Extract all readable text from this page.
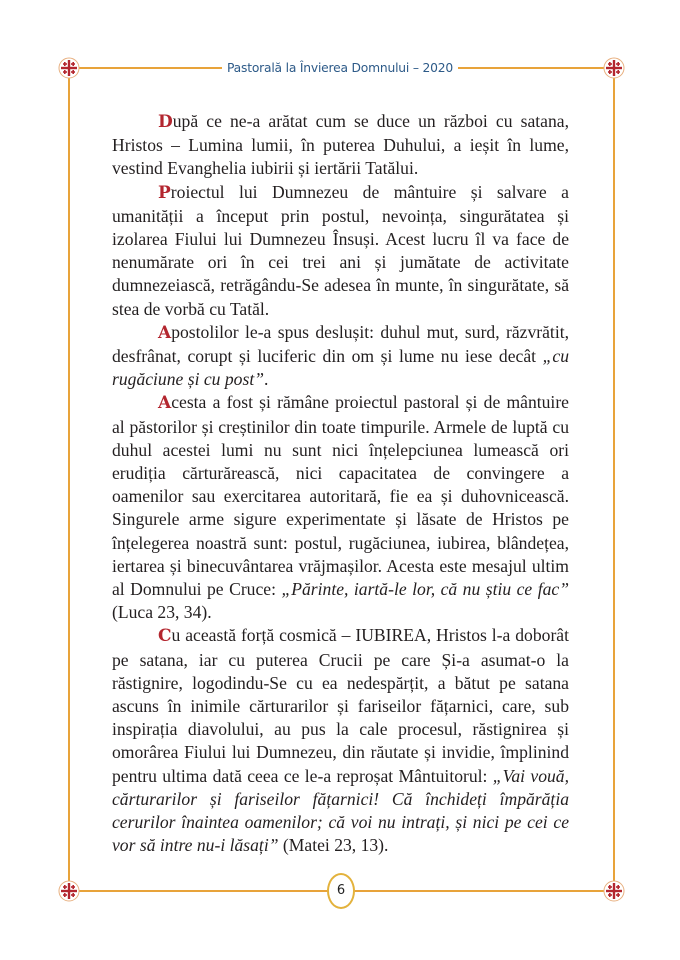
Pastorală la Învierea Domnului – 2020
6

După ce ne-a arătat cum se duce un război cu satana, Hristos – Lumina lumii, în puterea Duhului, a ieșit în lume, vestind Evanghelia iubirii și iertării Tatălui.

Proiectul lui Dumnezeu de mântuire și salvare a umanității a început prin postul, nevoința, singurătatea și izolarea Fiului lui Dumnezeu Însuși. Acest lucru îl va face de nenumărate ori în cei trei ani și jumătate de activitate dumnezeiască, retrăgându-Se adesea în munte, în singurătate, să stea de vorbă cu Tatăl.

Apostolilor le-a spus deslușit: duhul mut, surd, răzvrătit, desfrânat, corupt și luciferic din om și lume nu iese decât „cu rugăciune și cu post”.

Acesta a fost și rămâne proiectul pastoral și de mântuire al păstorilor și creștinilor din toate timpurile. Armele de luptă cu duhul acestei lumi nu sunt nici înțelepciunea lumească ori erudiția cărturărească, nici capacitatea de convingere a oamenilor sau exercitarea autoritară, fie ea și duhovnicească. Singurele arme sigure experimentate și lăsate de Hristos pe înțelegerea noastră sunt: postul, rugăciunea, iubirea, blândețea, iertarea și binecuvântarea vrăjmașilor. Acesta este mesajul ultim al Domnului pe Cruce: „Părinte, iartă-le lor, că nu știu ce fac” (Luca 23, 34).

Cu această forță cosmică – IUBIREA, Hristos l-a doborât pe satana, iar cu puterea Crucii pe care Și-a asumat-o la răstignire, logodindu-Se cu ea nedespărțit, a bătut pe satana ascuns în inimile cărturarilor și fariseilor fățarnici, care, sub inspirația diavolului, au pus la cale procesul, răstignirea și omorârea Fiului lui Dumnezeu, din răutate și invidie, împlinind pentru ultima dată ceea ce le-a reproșat Mântuitorul: „Vai vouă, cărturarilor și fariseilor fățarnici! Că închideți împărăția cerurilor înaintea oamenilor; că voi nu intrați, și nici pe cei ce vor să intre nu-i lăsați” (Matei 23, 13).
